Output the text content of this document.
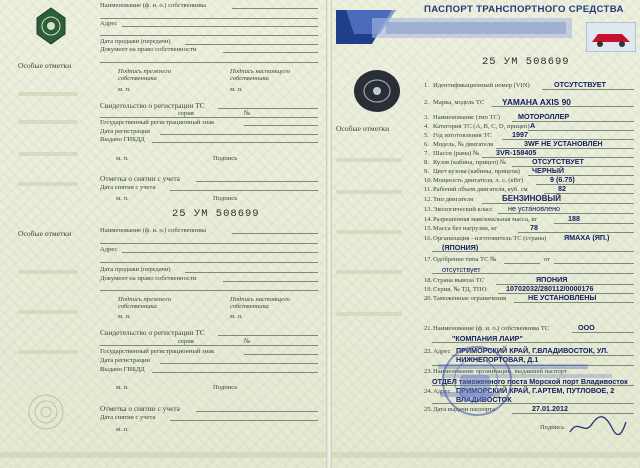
Особые отметки
Особые отметки
Наименование (ф. и. о.) собственника
Адрес
Дата продажи (передачи)
Документ на право собственности
Подпись прежнего собственника
Подпись настоящего собственника
м. п.	м. п.
Свидетельство о регистрации ТС
серия	№
Государственный регистрационный знак
Дата регистрации
Выдано ГИБДД
м. п.	Подпись
Отметка о снятии с учета
Дата снятия с учета
м. п.	Подпись
25 УМ 508699
Наименование (ф. и. о.) собственника
Адрес
Дата продажи (передачи)
Документ на право собственности
Подпись прежнего собственника
Подпись настоящего собственника
м. п.	м. п.
Свидетельство о регистрации ТС
серия	№
Государственный регистрационный знак
Дата регистрации
Выдано ГИБДД
м. п.	Подпись
Отметка о снятии с учета
Дата снятия с учета
м. п.
ПАСПОРТ ТРАНСПОРТНОГО СРЕДСТВА
25 УМ 508699
Особые отметки
1. Идентификационный номер (VIN)	ОТСУТСТВУЕТ
2. Марка, модель ТС YAMAHA AXIS 90
3. Наименование (тип ТС) МОТОРОЛЛЕР
4. Категория ТС (A, B, C, D, прицеп) A
5. Год изготовления ТС	1997
6. Модель, № двигателя	3WF НЕ УСТАНОВЛЕН
7. Шасси (рама) № 3VR-158405
8. Кузов (кабина, прицеп) №	ОТСУТСТВУЕТ
9. Цвет кузова (кабины, прицепа) ЧЕРНЫЙ
10. Мощность двигателя, л. с. (кВт)	9 (6.75)
11. Рабочий объем двигателя, куб. см	82
12. Тип двигателя	БЕНЗИНОВЫЙ
13. Экологический класс не установлено
14. Разрешенная максимальная масса, кг	188
15. Масса без нагрузки, кг	78
16. Организация - изготовитель ТС (страна) ЯМАХА (ЯП.)
(ЯПОНИЯ)
17. Одобрение типа ТС №	от
отсутствует
18. Страна вывоза ТС	ЯПОНИЯ
19. Серия, № ТД, ТПО	10702032/280112/0000176
20. Таможенные ограничения	НЕ УСТАНОВЛЕНЫ
21. Наименование (ф. и. о.) собственника ТС	ООО
"КОМПАНИЯ ЛАИР"
22. Адрес ПРИМОРСКИЙ КРАЙ, Г.ВЛАДИВОСТОК, УЛ. НИЖНЕПОРТОВАЯ, Д.1
23. Наименование организации, выдавшей паспорт
ОТДЕЛ таможенного поста Морской порт Владивосток
24. Адрес ПРИМОРСКИЙ КРАЙ, Г.АРТЕМ, ПУТЛОВОЕ, 2
ВЛАДИВОСТОК
25. Дата выдачи паспорта	27.01.2012
Подпись
